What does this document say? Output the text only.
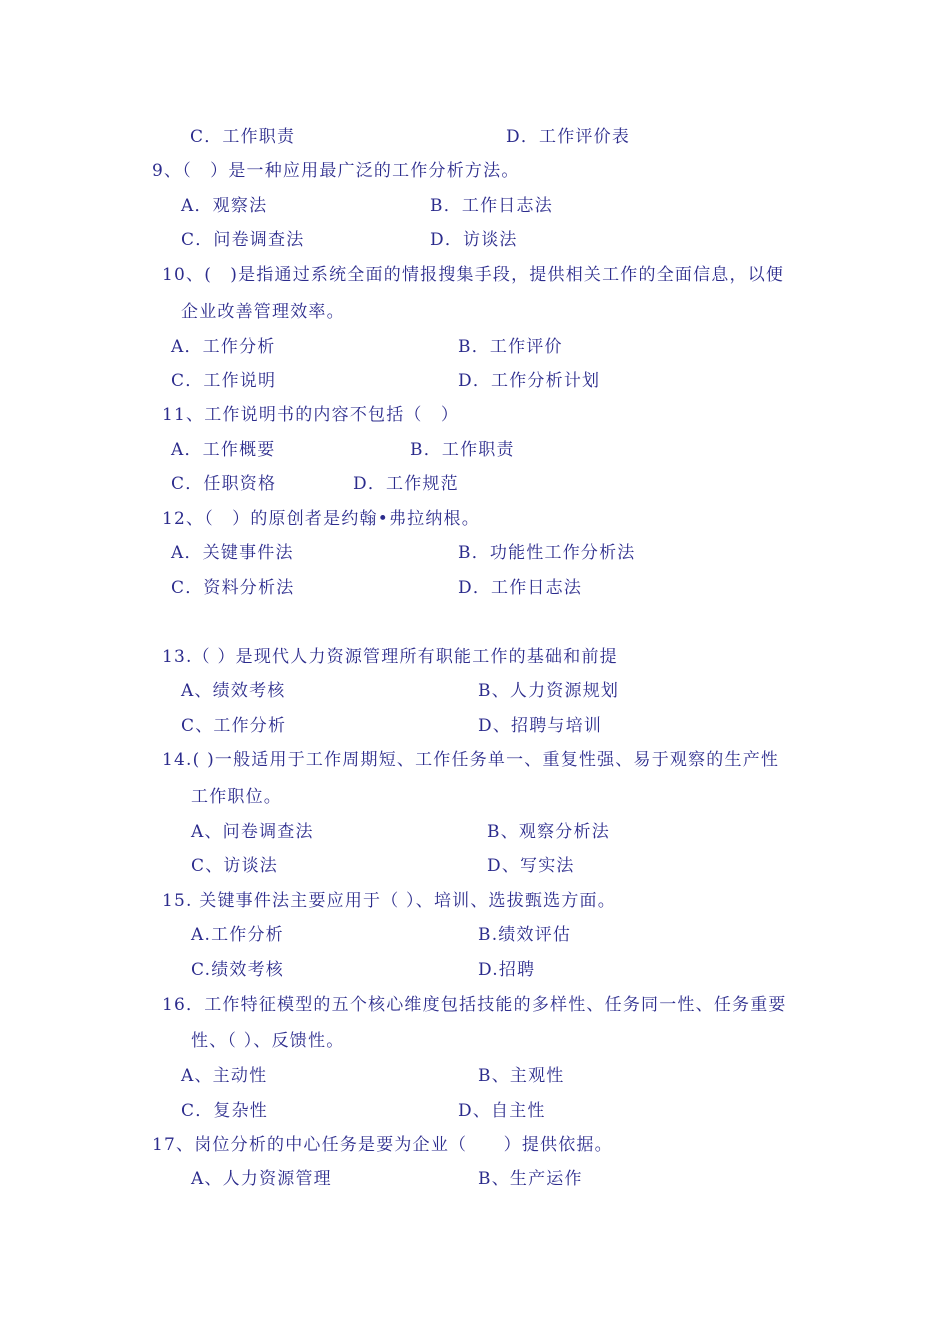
C．工作职责	D．工作评价表
9、（　）是一种应用最广泛的工作分析方法。
A．观察法	B．工作日志法
C．问卷调查法	D．访谈法
10、(　)是指通过系统全面的情报搜集手段，提供相关工作的全面信息，以便
企业改善管理效率。
A．工作分析	B．工作评价
C．工作说明	D．工作分析计划
11、工作说明书的内容不包括（　）
A．工作概要	B．工作职责
C．任职资格	D．工作规范
12、（　）的原创者是约翰•弗拉纳根。
A．关键事件法	B．功能性工作分析法
C．资料分析法	D．工作日志法
13.（ ）是现代人力资源管理所有职能工作的基础和前提
A、绩效考核	B、人力资源规划
C、工作分析	D、招聘与培训
14.( )一般适用于工作周期短、工作任务单一、重复性强、易于观察的生产性
工作职位。
A、问卷调查法	B、观察分析法
C、访谈法	D、写实法
15. 关键事件法主要应用于（ ）、培训、选拔甄选方面。
A.工作分析	B.绩效评估
C.绩效考核	D.招聘
16．工作特征模型的五个核心维度包括技能的多样性、任务同一性、任务重要
性、（ ）、反馈性。
A、主动性	B、主观性
C．复杂性	D、自主性
17、岗位分析的中心任务是要为企业（　　）提供依据。
A、人力资源管理	B、生产运作
